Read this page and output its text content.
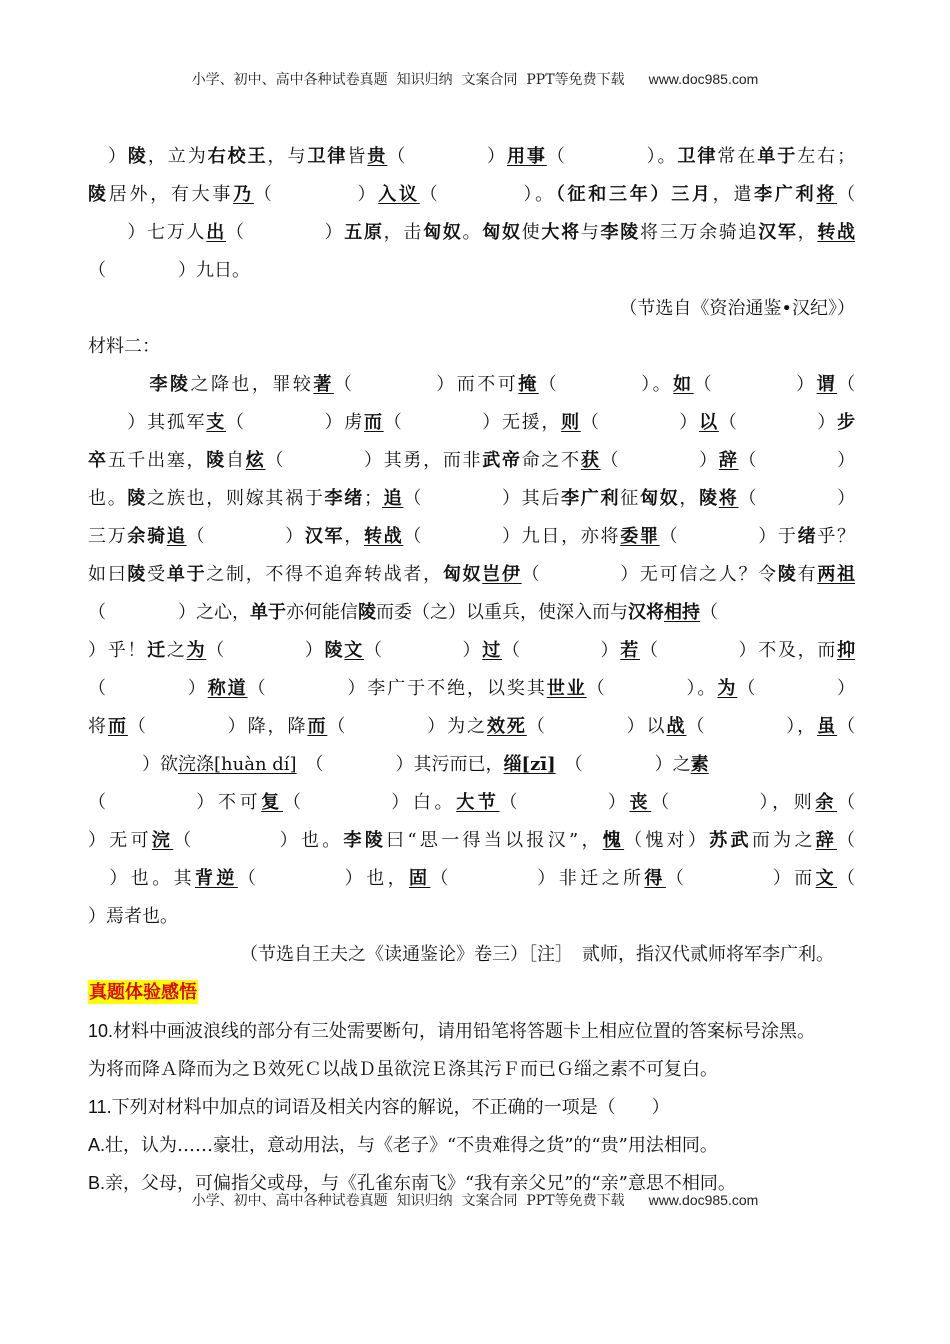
小学、初中、高中各种试卷真题  知识归纳  文案合同  PPT等免费下载 www.doc985.com
　）陵，立为右校王，与卫律皆贵（　　　　）用事（　　　　）。卫律常在单于左右；
陵居外，有大事乃（　　　　）入议（　　　　）。（征和三年）三月，遣李广利将（
　　）七万人出（　　　　）五原，击匈奴。匈奴使大将与李陵将三万余骑追汉军，转战
（　　　　）九日。
（节选自《资治通鉴•汉纪》）
材料二：
　　　李陵之降也，罪较著（　　　　）而不可掩（　　　　）。如（　　　　）谓（
　　）其孤军支（　　　　）虏而（　　　　）无援，则（　　　　）以（　　　　）步
卒五千出塞，陵自炫（　　　　）其勇，而非武帝命之不获（　　　　）辞（　　　　）
也。陵之族也，则嫁其祸于李绪；追（　　　　）其后李广利征匈奴，陵将（　　　　）
三万余骑追（　　　　）汉军，转战（　　　　）九日，亦将委罪（　　　　）于绪乎？
如曰陵受单于之制，不得不追奔转战者，匈奴岂伊（　　　　）无可信之人？令陵有两祖
（　　　　）之心，单于亦何能信陵而委（之）以重兵，使深入而与汉将相持（
）乎！迁之为（　　　　）陵文（　　　　）过（　　　　）若（　　　　）不及，而抑
（　　　　）称道（　　　　）李广于不绝，以奖其世业（　　　　）。为（　　　　）
将而（　　　　）降，降而（　　　　）为之效死（　　　　）以战（　　　　），虽（
　　　）欲浣涤[huàn dí]　（　　　　）其污而已，缁[zī]　（　　　　）之素
（　　　　）不可复（　　　　）白。大节（　　　　）丧（　　　　），则余（
）无可浣（　　　　）也。李陵曰“思一得当以报汉”，愧（愧对）苏武而为之辞（
　）也。其背逆（　　　　）也，固（　　　　）非迁之所得（　　　　）而文（
）焉者也。
（节选自王夫之《读通鉴论》卷三）［注］　贰师，指汉代贰师将军李广利。
真题体验感悟
10.材料中画波浪线的部分有三处需要断句，请用铅笔将答题卡上相应位置的答案标号涂黑。
为将而降Ａ降而为之Ｂ效死Ｃ以战Ｄ虽欲浣Ｅ涤其污Ｆ而已Ｇ缁之素不可复白。
11.下列对材料中加点的词语及相关内容的解说，不正确的一项是（　　）
A.壮，认为……豪壮，意动用法，与《老子》“不贵难得之货”的“贵”用法相同。
B.亲，父母，可偏指父或母，与《孔雀东南飞》“我有亲父兄”的“亲”意思不相同。
小学、初中、高中各种试卷真题  知识归纳  文案合同  PPT等免费下载 www.doc985.com
